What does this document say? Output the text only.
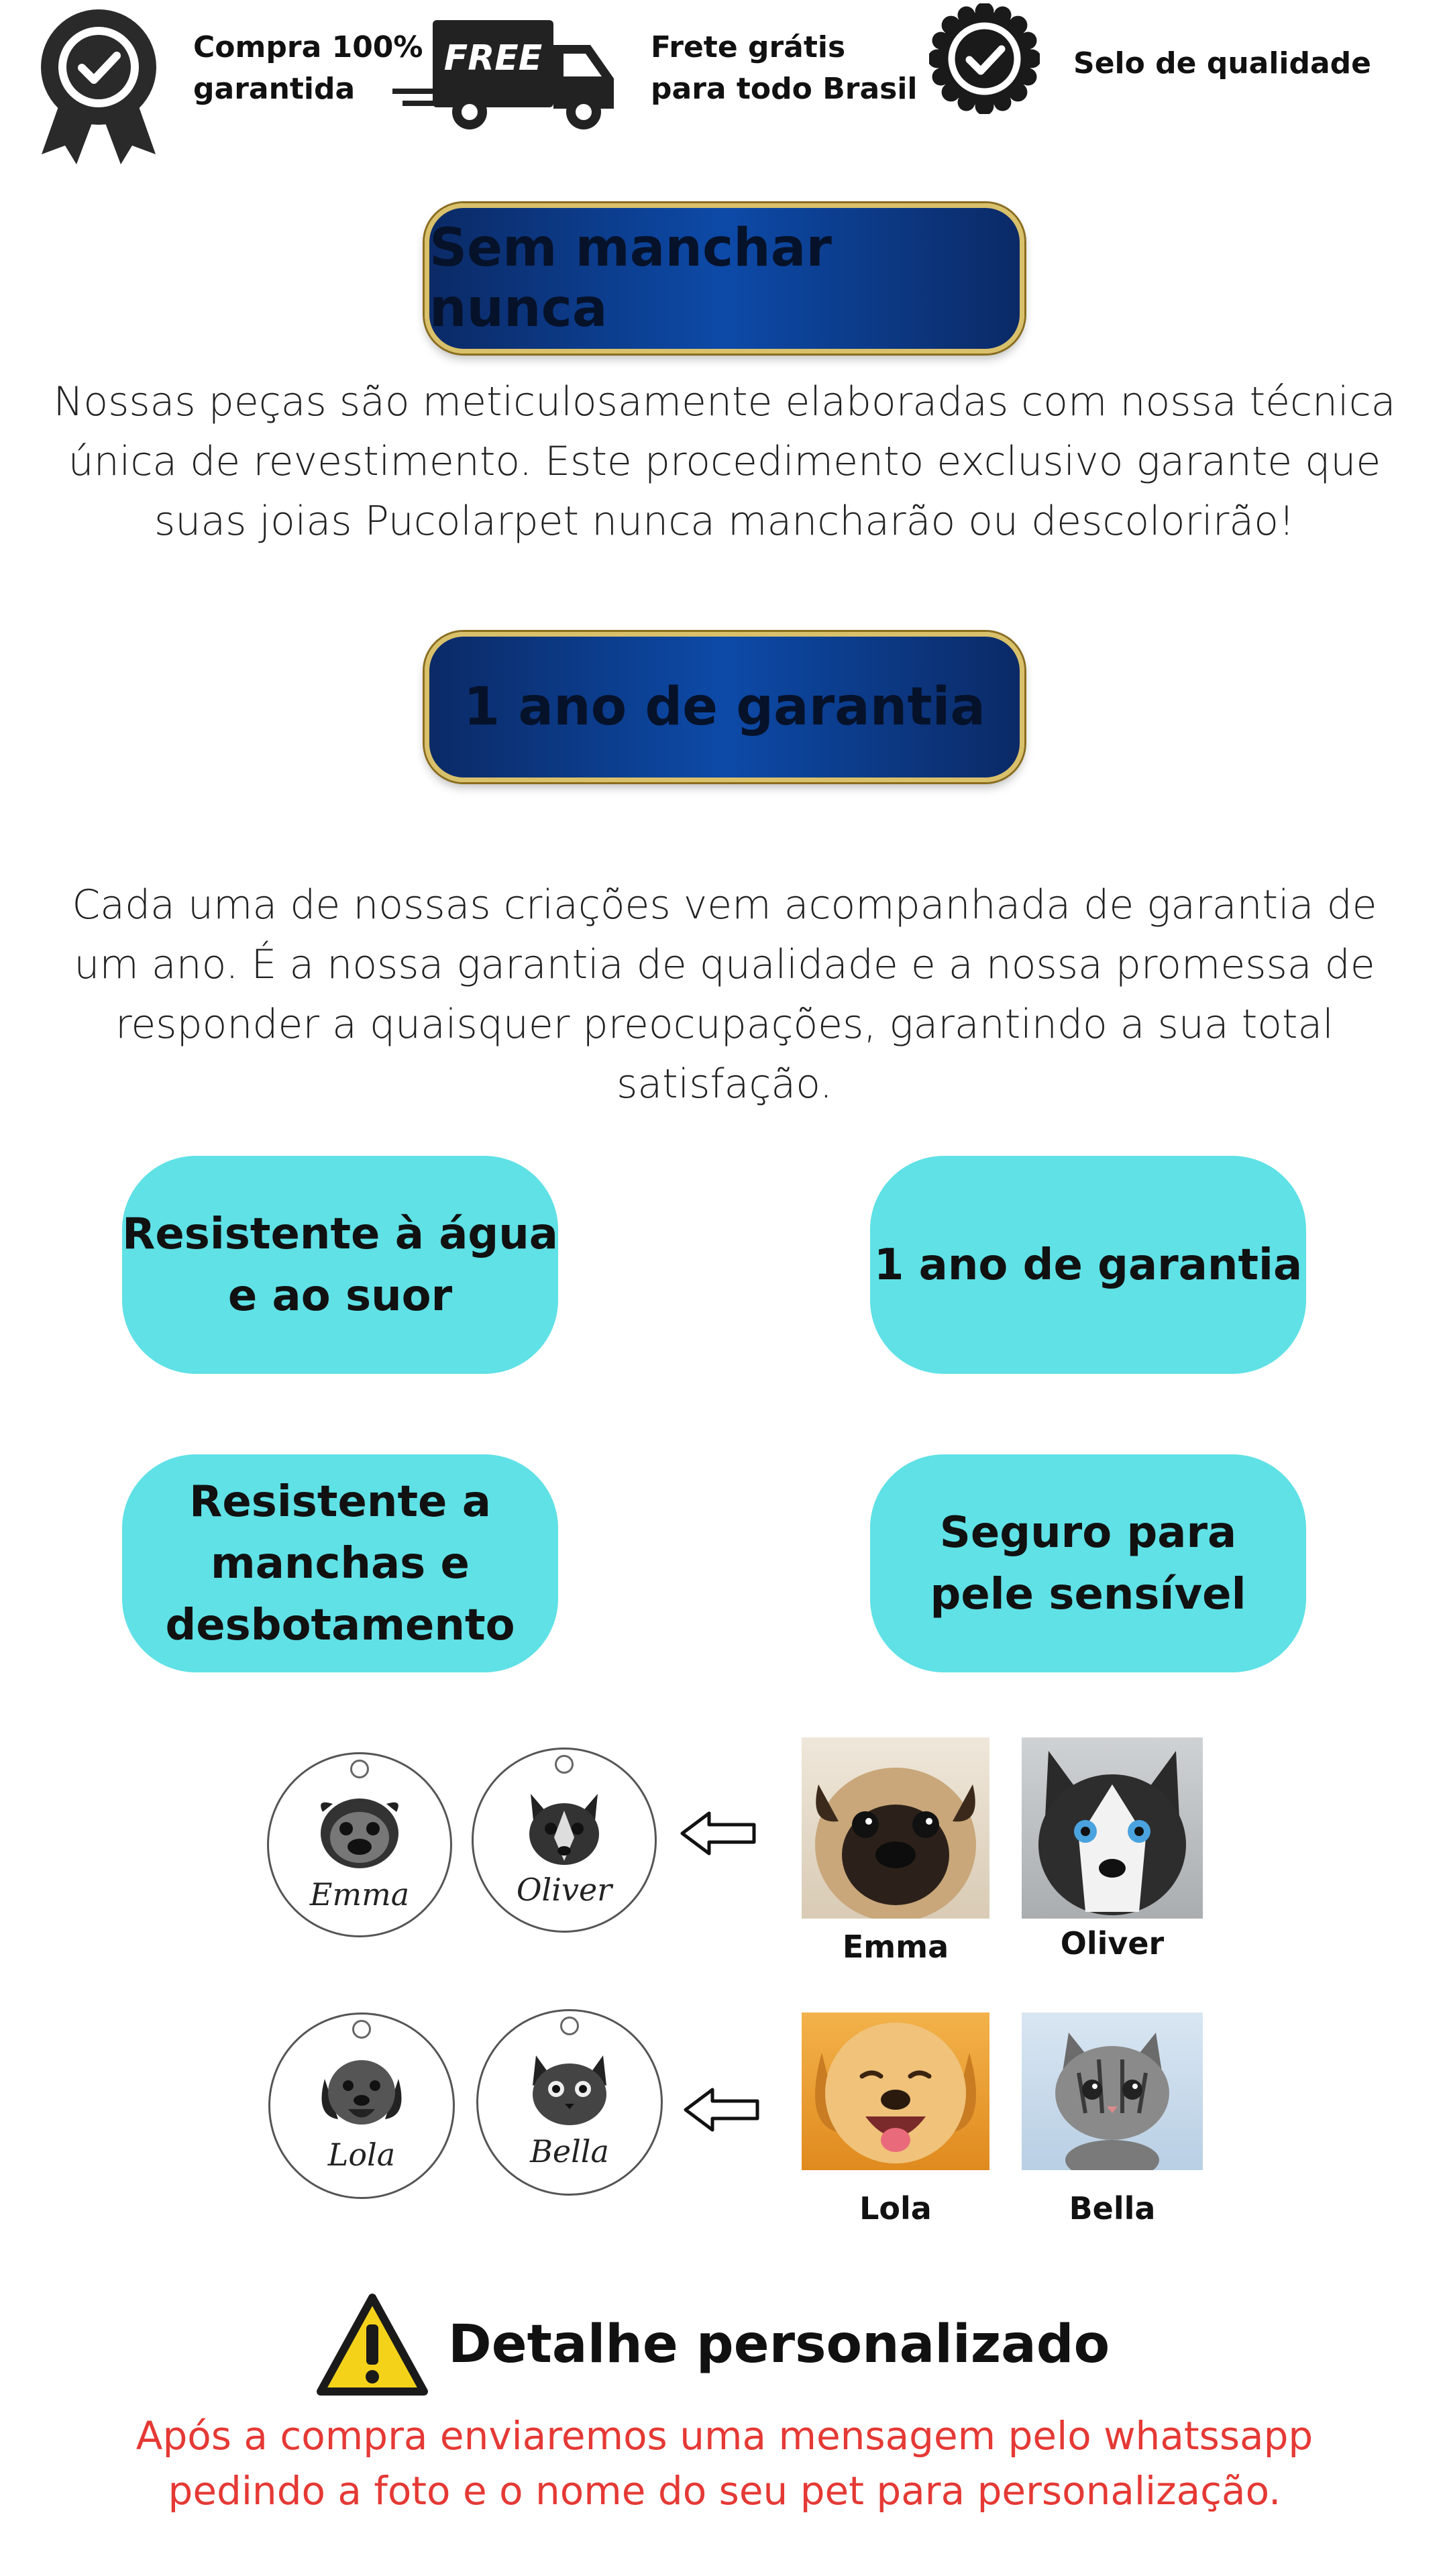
Compra 100%
garantida
FREE	Frete grátis
para todo Brasil
Selo de qualidade
Sem manchar nunca
Nossas peças são meticulosamente elaboradas com nossa técnica única de revestimento. Este procedimento exclusivo garante que suas joias Pucolarpet nunca mancharão ou descolorirão!
1 ano de garantia
Cada uma de nossas criações vem acompanhada de garantia de um ano. É a nossa garantia de qualidade e a nossa promessa de responder a quaisquer preocupações, garantindo a sua total satisfação.
Resistente à água
e ao suor
1 ano de garantia
Resistente a
manchas e
desbotamento
Seguro para
pele sensível
Emma	Oliver
Emma	Oliver
Lola	Bella
Lola	Bella
Detalhe personalizado
Após a compra enviaremos uma mensagem pelo whatssapp pedindo a foto e o nome do seu pet para personalização.
